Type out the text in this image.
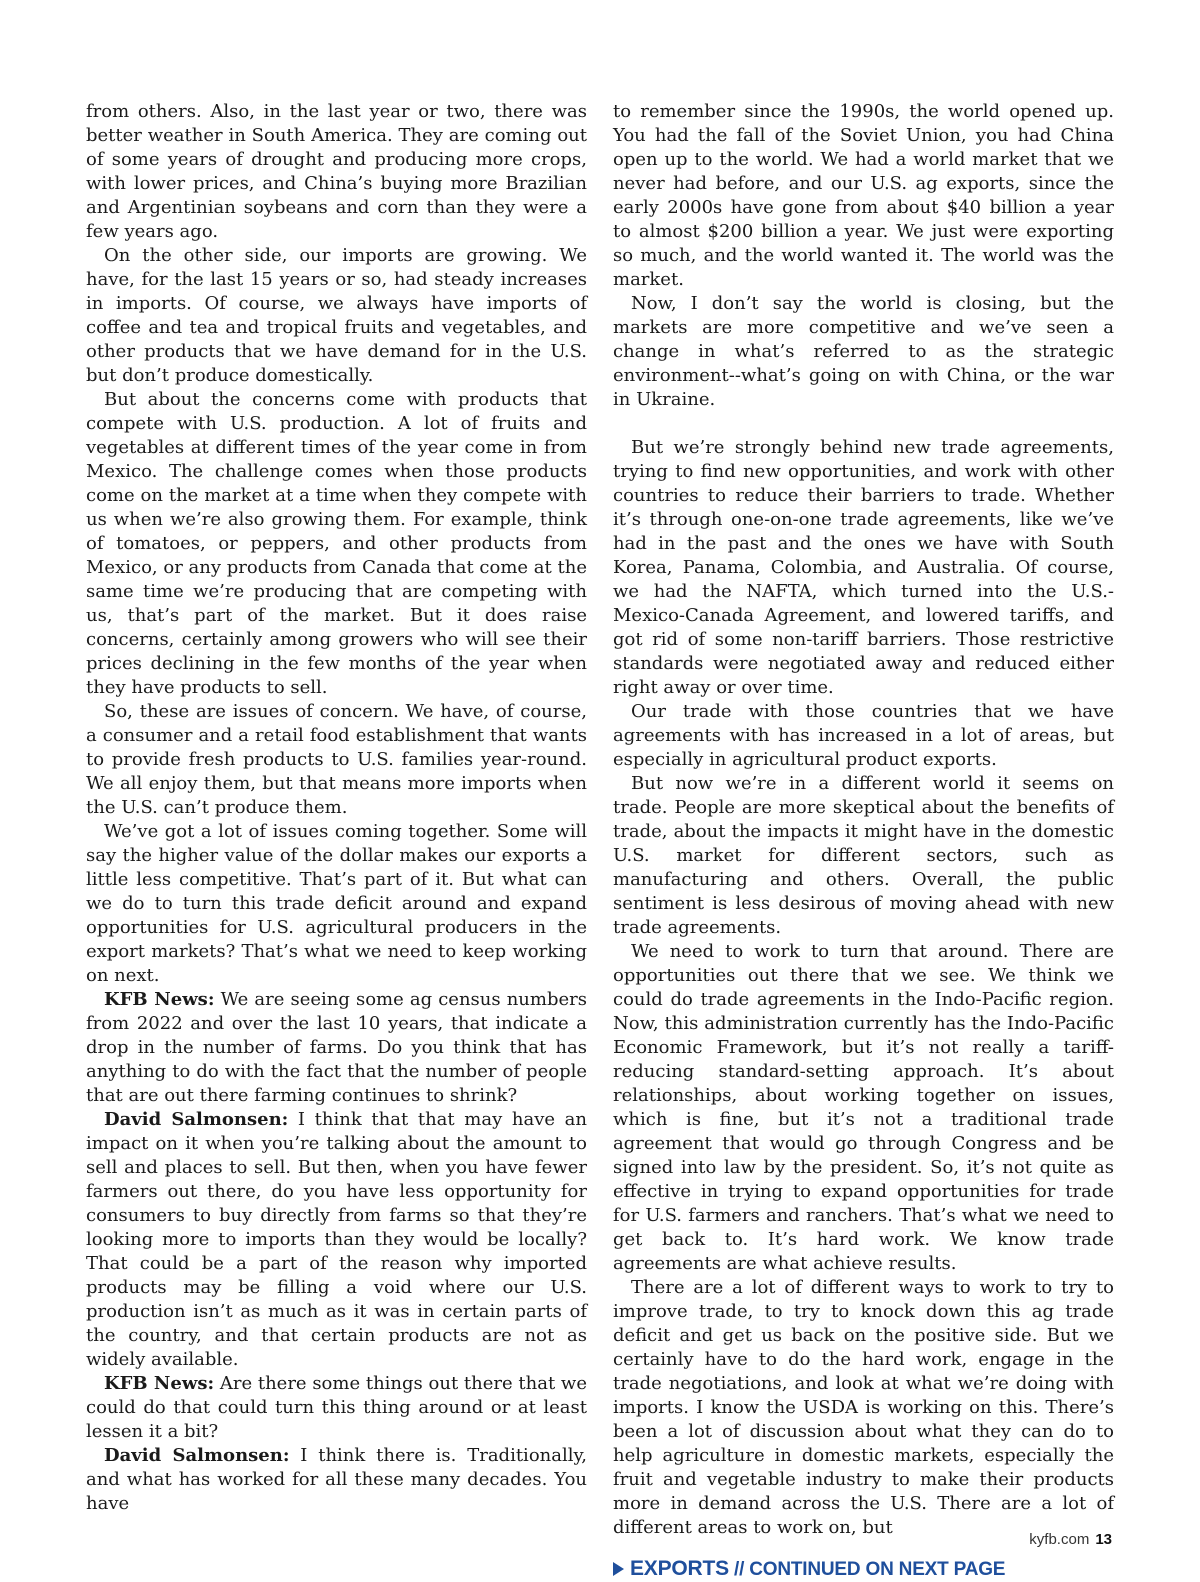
from others. Also, in the last year or two, there was better weather in South America. They are coming out of some years of drought and producing more crops, with lower prices, and China’s buying more Brazilian and Argentinian soybeans and corn than they were a few years ago.

On the other side, our imports are growing. We have, for the last 15 years or so, had steady increases in imports. Of course, we always have imports of coffee and tea and tropical fruits and vegetables, and other products that we have demand for in the U.S. but don’t produce domestically.

But about the concerns come with products that compete with U.S. production. A lot of fruits and vegetables at different times of the year come in from Mexico. The challenge comes when those products come on the market at a time when they compete with us when we’re also growing them. For example, think of tomatoes, or peppers, and other products from Mexico, or any products from Canada that come at the same time we’re producing that are competing with us, that’s part of the market. But it does raise concerns, certainly among growers who will see their prices declining in the few months of the year when they have products to sell.

So, these are issues of concern. We have, of course, a consumer and a retail food establishment that wants to provide fresh products to U.S. families year-round. We all enjoy them, but that means more imports when the U.S. can’t produce them.

We’ve got a lot of issues coming together. Some will say the higher value of the dollar makes our exports a little less competitive. That’s part of it. But what can we do to turn this trade deficit around and expand opportunities for U.S. agricultural producers in the export markets? That’s what we need to keep working on next.

KFB News: We are seeing some ag census numbers from 2022 and over the last 10 years, that indicate a drop in the number of farms. Do you think that has anything to do with the fact that the number of people that are out there farming continues to shrink?

David Salmonsen: I think that that may have an impact on it when you’re talking about the amount to sell and places to sell. But then, when you have fewer farmers out there, do you have less opportunity for consumers to buy directly from farms so that they’re looking more to imports than they would be locally? That could be a part of the reason why imported products may be filling a void where our U.S. production isn’t as much as it was in certain parts of the country, and that certain products are not as widely available.

KFB News: Are there some things out there that we could do that could turn this thing around or at least lessen it a bit?

David Salmonsen: I think there is. Traditionally, and what has worked for all these many decades. You have

to remember since the 1990s, the world opened up. You had the fall of the Soviet Union, you had China open up to the world. We had a world market that we never had before, and our U.S. ag exports, since the early 2000s have gone from about $40 billion a year to almost $200 billion a year. We just were exporting so much, and the world wanted it. The world was the market.

Now, I don’t say the world is closing, but the markets are more competitive and we’ve seen a change in what’s referred to as the strategic environment--what’s going on with China, or the war in Ukraine.

But we’re strongly behind new trade agreements, trying to find new opportunities, and work with other countries to reduce their barriers to trade. Whether it’s through one-on-one trade agreements, like we’ve had in the past and the ones we have with South Korea, Panama, Colombia, and Australia. Of course, we had the NAFTA, which turned into the U.S.-Mexico-Canada Agreement, and lowered tariffs, and got rid of some non-tariff barriers. Those restrictive standards were negotiated away and reduced either right away or over time.

Our trade with those countries that we have agreements with has increased in a lot of areas, but especially in agricultural product exports.

But now we’re in a different world it seems on trade. People are more skeptical about the benefits of trade, about the impacts it might have in the domestic U.S. market for different sectors, such as manufacturing and others. Overall, the public sentiment is less desirous of moving ahead with new trade agreements.

We need to work to turn that around. There are opportunities out there that we see. We think we could do trade agreements in the Indo-Pacific region. Now, this administration currently has the Indo-Pacific Economic Framework, but it’s not really a tariff-reducing standard-setting approach. It’s about relationships, about working together on issues, which is fine, but it’s not a traditional trade agreement that would go through Congress and be signed into law by the president. So, it’s not quite as effective in trying to expand opportunities for trade for U.S. farmers and ranchers. That’s what we need to get back to. It’s hard work. We know trade agreements are what achieve results.

There are a lot of different ways to work to try to improve trade, to try to knock down this ag trade deficit and get us back on the positive side. But we certainly have to do the hard work, engage in the trade negotiations, and look at what we’re doing with imports. I know the USDA is working on this. There’s been a lot of discussion about what they can do to help agriculture in domestic markets, especially the fruit and vegetable industry to make their products more in demand across the U.S. There are a lot of different areas to work on, but

EXPORTS // CONTINUED ON NEXT PAGE
kyfb.com 13
